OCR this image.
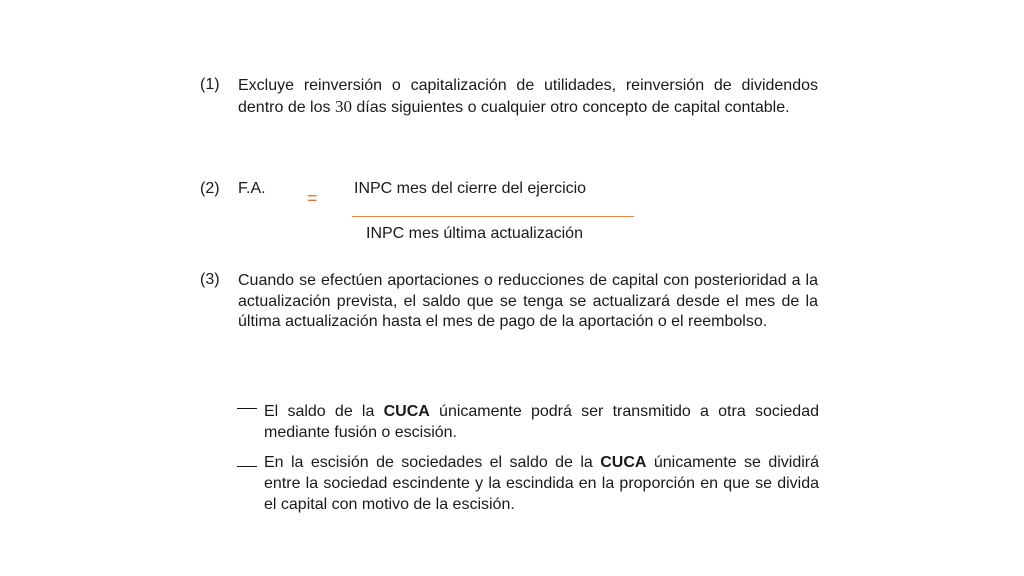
(1) Excluye reinversión o capitalización de utilidades, reinversión de dividendos dentro de los 30 días siguientes o cualquier otro concepto de capital contable.
(2) F.A. = INPC mes del cierre del ejercicio
INPC mes última actualización
(3) Cuando se efectúen aportaciones o reducciones de capital con posterioridad a la actualización prevista, el saldo que se tenga se actualizará desde el mes de la última actualización hasta el mes de pago de la aportación o el reembolso.
El saldo de la CUCA únicamente podrá ser transmitido a otra sociedad mediante fusión o escisión.
En la escisión de sociedades el saldo de la CUCA únicamente se dividirá entre la sociedad escindente y la escindida en la proporción en que se divida el capital con motivo de la escisión.
